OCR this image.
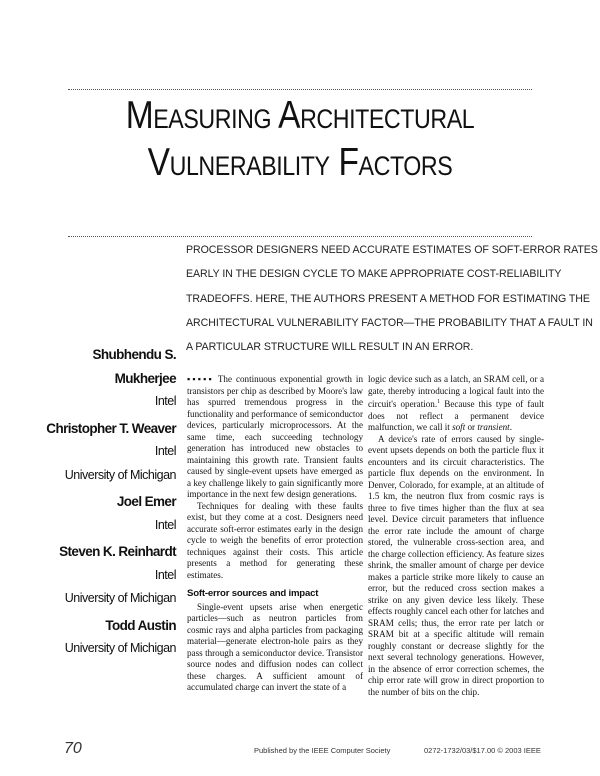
Measuring Architectural
Vulnerability Factors
PROCESSOR DESIGNERS NEED ACCURATE ESTIMATES OF SOFT-ERROR RATES
EARLY IN THE DESIGN CYCLE TO MAKE APPROPRIATE COST-RELIABILITY
TRADEOFFS. HERE, THE AUTHORS PRESENT A METHOD FOR ESTIMATING THE
ARCHITECTURAL VULNERABILITY FACTOR—THE PROBABILITY THAT A FAULT IN
A PARTICULAR STRUCTURE WILL RESULT IN AN ERROR.
Shubhendu S.
Mukherjee
Intel
Christopher T. Weaver
Intel
University of Michigan
Joel Emer
Intel
Steven K. Reinhardt
Intel
University of Michigan
Todd Austin
University of Michigan

▪▪▪▪▪ The continuous exponential growth in transistors per chip as described by Moore's law has spurred tremendous progress in the functionality and performance of semiconductor devices, particularly microprocessors. At the same time, each succeeding technology generation has introduced new obstacles to maintaining this growth rate. Transient faults caused by single-event upsets have emerged as a key challenge likely to gain significantly more importance in the next few design generations.

Techniques for dealing with these faults exist, but they come at a cost. Designers need accurate soft-error estimates early in the design cycle to weigh the benefits of error protection techniques against their costs. This article presents a method for generating these estimates.

Soft-error sources and impact

Single-event upsets arise when energetic particles—such as neutron particles from cosmic rays and alpha particles from packaging material—generate electron-hole pairs as they pass through a semiconductor device. Transistor source nodes and diffusion nodes can collect these charges. A sufficient amount of accumulated charge can invert the state of a

logic device such as a latch, an SRAM cell, or a gate, thereby introducing a logical fault into the circuit's operation.$^1$ Because this type of fault does not reflect a permanent device malfunction, we call it soft or transient.

A device's rate of errors caused by single-event upsets depends on both the particle flux it encounters and its circuit characteristics. The particle flux depends on the environment. In Denver, Colorado, for example, at an altitude of 1.5 km, the neutron flux from cosmic rays is three to five times higher than the flux at sea level. Device circuit parameters that influence the error rate include the amount of charge stored, the vulnerable cross-section area, and the charge collection efficiency. As feature sizes shrink, the smaller amount of charge per device makes a particle strike more likely to cause an error, but the reduced cross section makes a strike on any given device less likely. These effects roughly cancel each other for latches and SRAM cells; thus, the error rate per latch or SRAM bit at a specific altitude will remain roughly constant or decrease slightly for the next several technology generations. However, in the absence of error correction schemes, the chip error rate will grow in direct proportion to the number of bits on the chip.

70	Published by the IEEE Computer Society	0272-1732/03/$17.00 © 2003 IEEE
